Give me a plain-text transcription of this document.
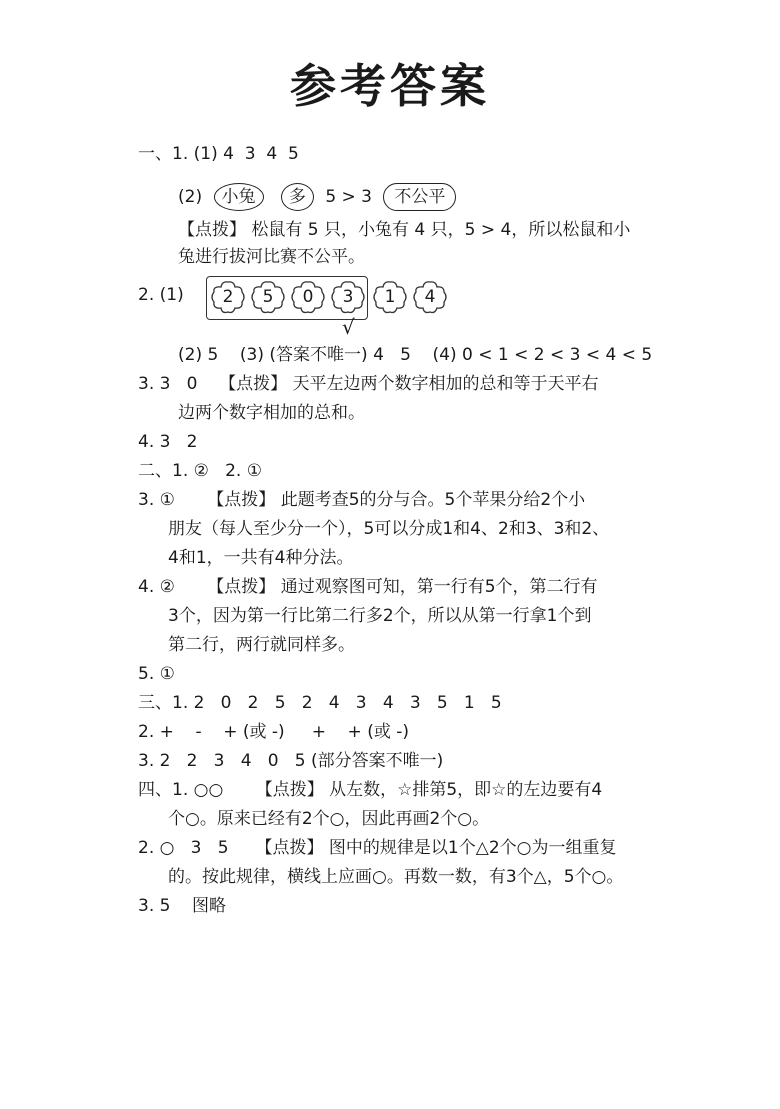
参考答案
一、1. (1) 4  3  4  5
(2) 小兔 多 5 > 3 不公平
【点拨】 松鼠有 5 只，小兔有 4 只，5 > 4，所以松鼠和小
兔进行拔河比赛不公平。
2. (1)	2	5	0	3	1	4
√
(2) 5    (3) (答案不唯一) 4   5    (4) 0 < 1 < 2 < 3 < 4 < 5
3. 3   0    【点拨】 天平左边两个数字相加的总和等于天平右
边两个数字相加的总和。
4. 3   2
二、1. ②   2. ①
3. ①      【点拨】 此题考查5的分与合。5个苹果分给2个小
朋友（每人至少分一个），5可以分成1和4、2和3、3和2、
4和1，一共有4种分法。
4. ②      【点拨】 通过观察图可知，第一行有5个，第二行有
3个，因为第一行比第二行多2个，所以从第一行拿1个到
第二行，两行就同样多。
5. ①
三、1. 2   0   2   5   2   4   3   4   3   5   1   5
2. +    -    + (或 -)     +    + (或 -)
3. 2   2   3   4   0   5 (部分答案不唯一)
四、1. ○○      【点拨】 从左数，☆排第5，即☆的左边要有4
个○。原来已经有2个○，因此再画2个○。
2. ○   3   5     【点拨】 图中的规律是以1个△2个○为一组重复
的。按此规律，横线上应画○。再数一数，有3个△，5个○。
3. 5    图略
